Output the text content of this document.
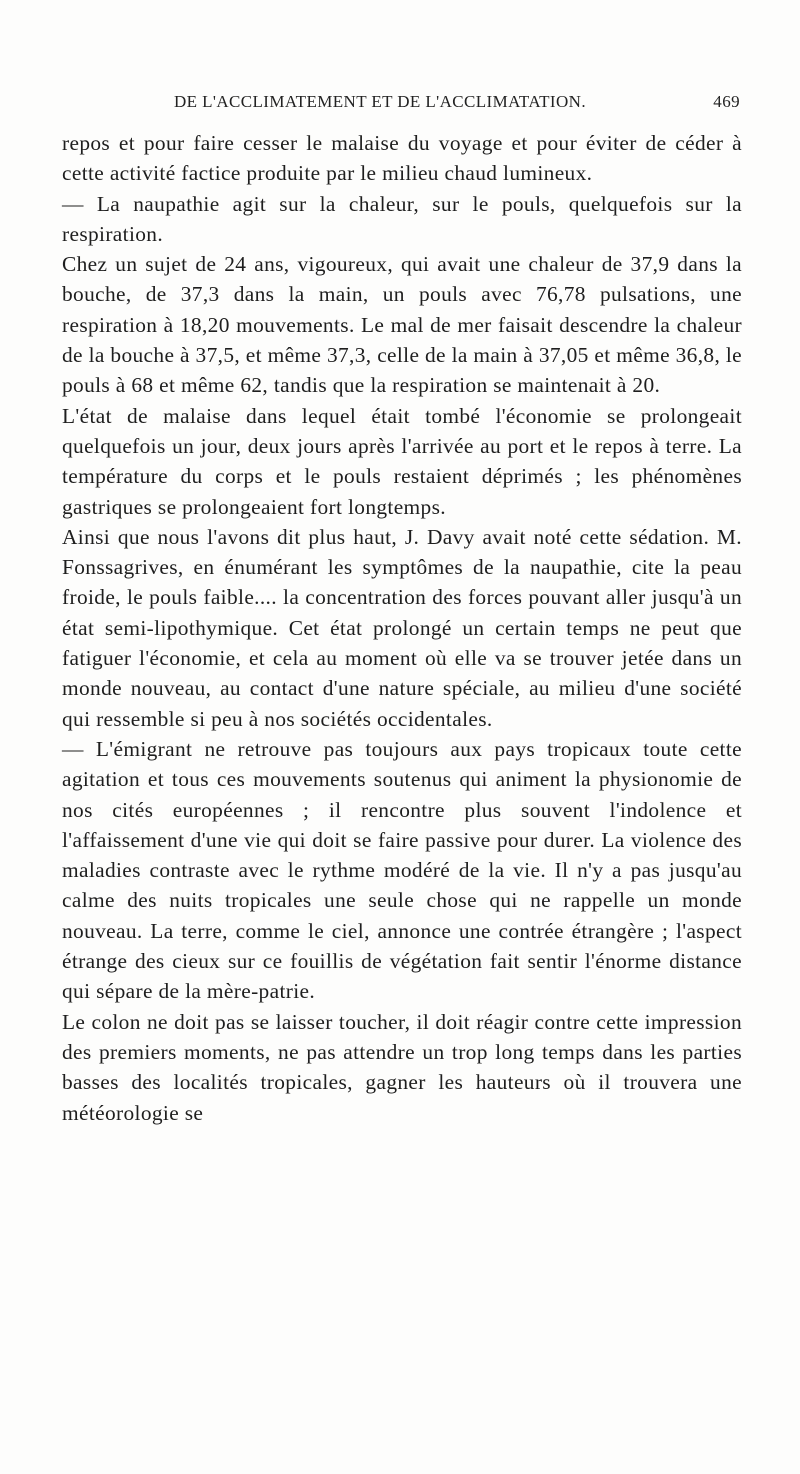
DE L'ACCLIMATEMENT ET DE L'ACCLIMATATION.	469

repos et pour faire cesser le malaise du voyage et pour éviter de céder à cette activité factice produite par le milieu chaud lumineux.

— La naupathie agit sur la chaleur, sur le pouls, quelquefois sur la respiration.

Chez un sujet de 24 ans, vigoureux, qui avait une chaleur de 37,9 dans la bouche, de 37,3 dans la main, un pouls avec 76,78 pulsations, une respiration à 18,20 mouvements. Le mal de mer faisait descendre la chaleur de la bouche à 37,5, et même 37,3, celle de la main à 37,05 et même 36,8, le pouls à 68 et même 62, tandis que la respiration se maintenait à 20.

L'état de malaise dans lequel était tombé l'économie se prolongeait quelquefois un jour, deux jours après l'arrivée au port et le repos à terre. La température du corps et le pouls restaient déprimés ; les phénomènes gastriques se prolongeaient fort longtemps.

Ainsi que nous l'avons dit plus haut, J. Davy avait noté cette sédation. M. Fonssagrives, en énumérant les symptômes de la naupathie, cite la peau froide, le pouls faible.... la concentration des forces pouvant aller jusqu'à un état semi-lipothymique. Cet état prolongé un certain temps ne peut que fatiguer l'économie, et cela au moment où elle va se trouver jetée dans un monde nouveau, au contact d'une nature spéciale, au milieu d'une société qui ressemble si peu à nos sociétés occidentales.

— L'émigrant ne retrouve pas toujours aux pays tropicaux toute cette agitation et tous ces mouvements soutenus qui animent la physionomie de nos cités européennes ; il rencontre plus souvent l'indolence et l'affaissement d'une vie qui doit se faire passive pour durer. La violence des maladies contraste avec le rythme modéré de la vie. Il n'y a pas jusqu'au calme des nuits tropicales une seule chose qui ne rappelle un monde nouveau. La terre, comme le ciel, annonce une contrée étrangère ; l'aspect étrange des cieux sur ce fouillis de végétation fait sentir l'énorme distance qui sépare de la mère-patrie.

Le colon ne doit pas se laisser toucher, il doit réagir contre cette impression des premiers moments, ne pas attendre un trop long temps dans les parties basses des localités tropicales, gagner les hauteurs où il trouvera une météorologie se
